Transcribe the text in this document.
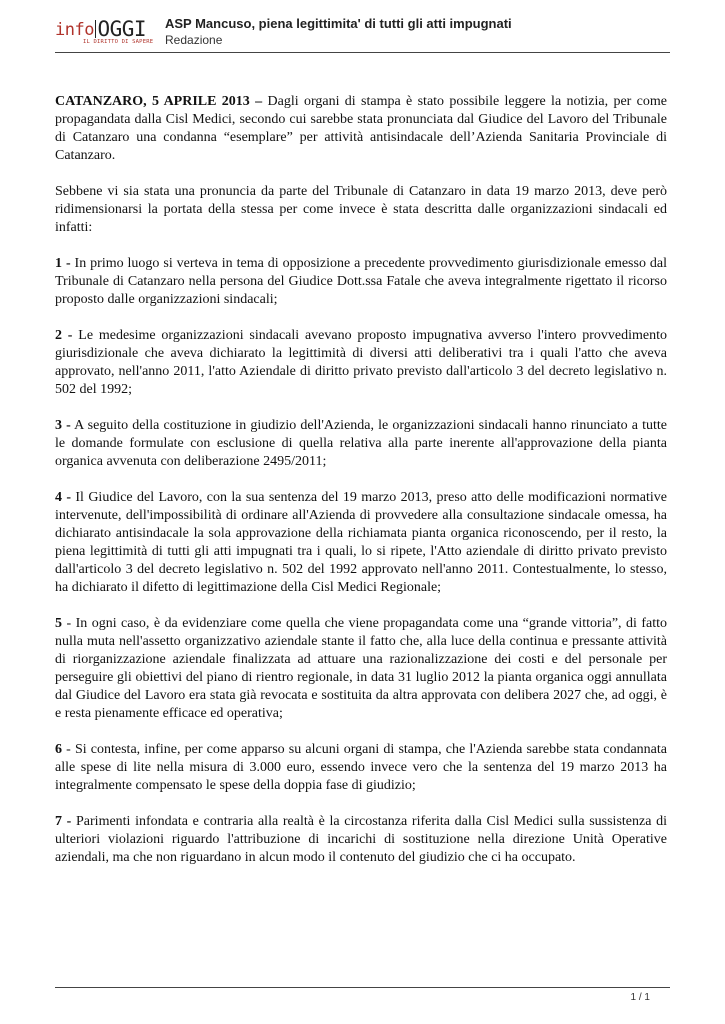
info OGGI
IL DIRITTO DI SAPERE
ASP Mancuso, piena legittimita' di tutti gli atti impugnati
Redazione

CATANZARO, 5 APRILE 2013 – Dagli organi di stampa è stato possibile leggere la notizia, per come propagandata dalla Cisl Medici, secondo cui sarebbe stata pronunciata dal Giudice del Lavoro del Tribunale di Catanzaro una condanna “esemplare” per attività antisindacale dell’Azienda Sanitaria Provinciale di Catanzaro.

Sebbene vi sia stata una pronuncia da parte del Tribunale di Catanzaro in data 19 marzo 2013, deve però ridimensionarsi la portata della stessa per come invece è stata descritta dalle organizzazioni sindacali ed infatti:

1 - In primo luogo si verteva in tema di opposizione a precedente provvedimento giurisdizionale emesso dal Tribunale di Catanzaro nella persona del Giudice Dott.ssa Fatale che aveva integralmente rigettato il ricorso proposto dalle organizzazioni sindacali;

2 - Le medesime organizzazioni sindacali avevano proposto impugnativa avverso l'intero provvedimento giurisdizionale che aveva dichiarato la legittimità di diversi atti deliberativi tra i quali l'atto che aveva approvato, nell'anno 2011, l'atto Aziendale di diritto privato previsto dall'articolo 3 del decreto legislativo n. 502 del 1992;

3 - A seguito della costituzione in giudizio dell'Azienda, le organizzazioni sindacali hanno rinunciato a tutte le domande formulate con esclusione di quella relativa alla parte inerente all'approvazione della pianta organica avvenuta con deliberazione 2495/2011;

4 - Il Giudice del Lavoro, con la sua sentenza del 19 marzo 2013, preso atto delle modificazioni normative intervenute, dell'impossibilità di ordinare all'Azienda di provvedere alla consultazione sindacale omessa, ha dichiarato antisindacale la sola approvazione della richiamata pianta organica riconoscendo, per il resto, la piena legittimità di tutti gli atti impugnati tra i quali, lo si ripete, l'Atto aziendale di diritto privato previsto dall'articolo 3 del decreto legislativo n. 502 del 1992 approvato nell'anno 2011. Contestualmente, lo stesso, ha dichiarato il difetto di legittimazione della Cisl Medici Regionale;

5 - In ogni caso, è da evidenziare come quella che viene propagandata come una “grande vittoria”, di fatto nulla muta nell'assetto organizzativo aziendale stante il fatto che, alla luce della continua e pressante attività di riorganizzazione aziendale finalizzata ad attuare una razionalizzazione dei costi e del personale per perseguire gli obiettivi del piano di rientro regionale, in data 31 luglio 2012 la pianta organica oggi annullata dal Giudice del Lavoro era stata già revocata e sostituita da altra approvata con delibera 2027 che, ad oggi, è e resta pienamente efficace ed operativa;

6 - Si contesta, infine, per come apparso su alcuni organi di stampa, che l'Azienda sarebbe stata condannata alle spese di lite nella misura di 3.000 euro, essendo invece vero che la sentenza del 19 marzo 2013 ha integralmente compensato le spese della doppia fase di giudizio;

7 - Parimenti infondata e contraria alla realtà è la circostanza riferita dalla Cisl Medici sulla sussistenza di ulteriori violazioni riguardo l'attribuzione di incarichi di sostituzione nella direzione Unità Operative aziendali, ma che non riguardano in alcun modo il contenuto del giudizio che ci ha occupato.

1 / 1
